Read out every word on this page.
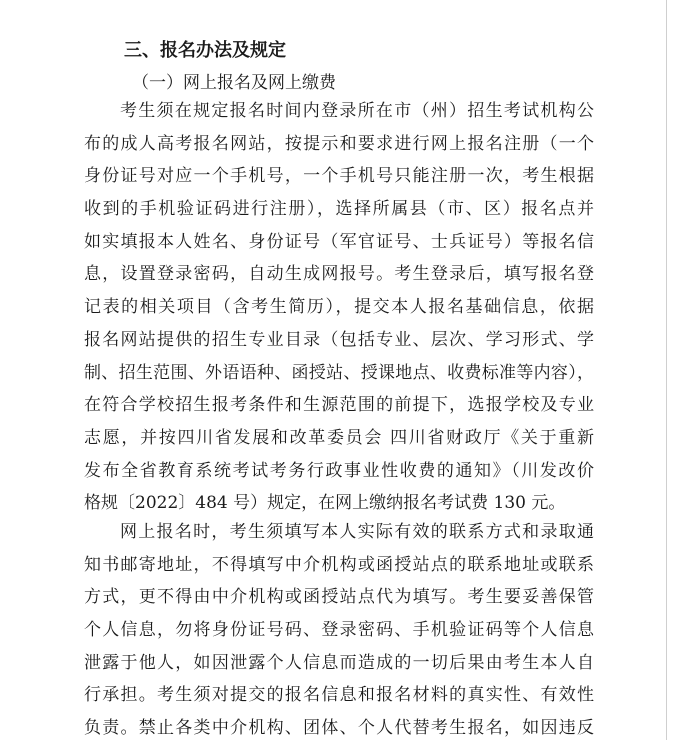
三、报名办法及规定
（一）网上报名及网上缴费
考生须在规定报名时间内登录所在市（州）招生考试机构公
布的成人高考报名网站，按提示和要求进行网上报名注册（一个
身份证号对应一个手机号，一个手机号只能注册一次，考生根据
收到的手机验证码进行注册），选择所属县（市、区）报名点并
如实填报本人姓名、身份证号（军官证号、士兵证号）等报名信
息，设置登录密码，自动生成网报号。考生登录后，填写报名登
记表的相关项目（含考生简历），提交本人报名基础信息，依据
报名网站提供的招生专业目录（包括专业、层次、学习形式、学
制、招生范围、外语语种、函授站、授课地点、收费标准等内容），
在符合学校招生报考条件和生源范围的前提下，选报学校及专业
志愿，并按四川省发展和改革委员会 四川省财政厅《关于重新
发布全省教育系统考试考务行政事业性收费的通知》（川发改价
格规〔2022〕484 号）规定，在网上缴纳报名考试费 130 元。
网上报名时，考生须填写本人实际有效的联系方式和录取通
知书邮寄地址，不得填写中介机构或函授站点的联系地址或联系
方式，更不得由中介机构或函授站点代为填写。考生要妥善保管
个人信息，勿将身份证号码、登录密码、手机验证码等个人信息
泄露于他人，如因泄露个人信息而造成的一切后果由考生本人自
行承担。考生须对提交的报名信息和报名材料的真实性、有效性
负责。禁止各类中介机构、团体、个人代替考生报名，如因违反
